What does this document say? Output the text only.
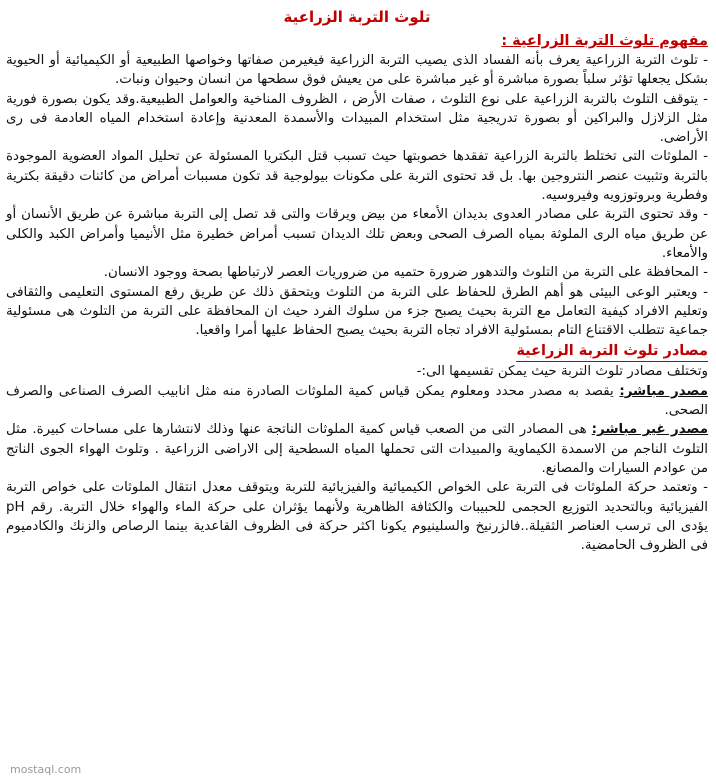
تلوث التربة الزراعية
مفهوم تلوث التربة الزراعية :

- تلوث التربة الزراعية يعرف بأنه الفساد الذى يصيب التربة الزراعية فيغيرمن صفاتها وخواصها الطبيعية أو الكيميائية أو الحيوية بشكل يجعلها تؤثر سلباً بصورة مباشرة أو غير مباشرة على من يعيش فوق سطحها من انسان وحيوان ونبات.

- يتوقف التلوث بالتربة الزراعية على نوع التلوث ، صفات الأرض ، الظروف المناخية والعوامل الطبيعية.وقد يكون بصورة فورية مثل الزلازل والبراكين أو بصورة تدريجية مثل استخدام المبيدات والأسمدة المعدنية وإعادة استخدام المياه العادمة فى رى الأراضى.

- الملوثات التى تختلط بالتربة الزراعية تفقدها خصوبتها حيث تسبب قتل البكتريا المسئولة عن تحليل المواد العضوية الموجودة بالتربة وتثبيت عنصر النتروجين بها. بل قد تحتوى التربة على مكونات بيولوجية قد تكون مسببات أمراض من كائنات دقيقة بكترية وفطرية وبروتوزويه وفيروسيه.

- وقد تحتوى التربة على مصادر العدوى بديدان الأمعاء من بيض ويرقات والتى قد تصل إلى التربة مباشرة عن طريق الأنسان أو عن طريق مياه الرى الملوثة بمياه الصرف الصحى وبعض تلك الديدان تسبب أمراض خطيرة مثل الأنيميا وأمراض الكبد والكلى والأمعاء.

- المحافظة على التربة من التلوث والتدهور ضرورة حتميه من ضروريات العصر لارتباطها بصحة ووجود الانسان.

- ويعتبر الوعى البيئى هو أهم الطرق للحفاظ على التربة من التلوث ويتحقق ذلك عن طريق رفع المستوى التعليمى والثقافى وتعليم الافراد كيفية التعامل مع التربة بحيث يصبح جزء من سلوك الفرد حيث ان المحافظة على التربة من التلوث هى مسئولية جماعية تتطلب الاقتناع التام بمسئولية الافراد تجاه التربة بحيث يصبح الحفاظ عليها أمرا واقعيا.

مصادر تلوث التربة الزراعية

وتختلف مصادر تلوث التربة حيث يمكن تقسيمها الى:-

مصدر مباشر: يقصد به مصدر محدد ومعلوم يمكن قياس كمية الملوثات الصادرة منه مثل انابيب الصرف الصناعى والصرف الصحى.

مصدر غير مباشر: هى المصادر التى من الصعب قياس كمية الملوثات الناتجة عنها وذلك لانتشارها على مساحات كبيرة. مثل التلوث الناجم من الاسمدة الكيماوية والمبيدات التى تحملها المياه السطحية إلى الاراضى الزراعية . وتلوث الهواء الجوى الناتج من عوادم السيارات والمصانع.

- وتعتمد حركة الملوثات فى التربة على الخواص الكيميائية والفيزيائية للتربة ويتوقف معدل انتقال الملوثات على خواص التربة الفيزيائية وبالتحديد التوزيع الحجمى للحبيبات والكثافة الظاهرية ولأنهما يؤثران على حركة الماء والهواء خلال التربة. رقم pH يؤدى الى ترسب العناصر الثقيلة..فالزرنيخ والسلينيوم يكونا اكثر حركة فى الظروف القاعدية بينما الرصاص والزنك والكادميوم فى الظروف الحامضية.

mostaql.com
